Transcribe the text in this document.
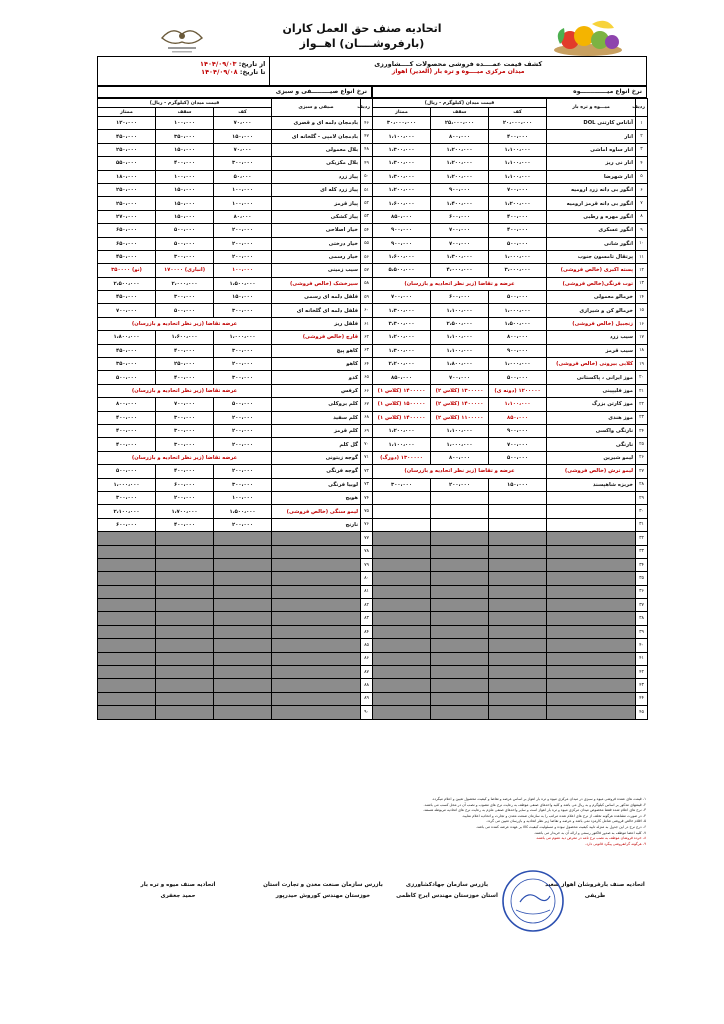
اتحادیه صنف حق العمل کاران
(بارفروشــــان) اهــواز
کشف قیمت عمــــده فروشی محصولات کــــشاورزی
میدان مرکزی میــــوه و تره بار (الغدیر) اهواز
از تاریخ: ۱۴۰۴/۰۹/۰۳
تا تاریخ: ۱۴۰۴/۰۹/۰۸
نرخ انواع میـــــــــــــوه
نرخ انواع صیـــــــــفی و سبزی
ردیف	میـــوه و تره بار	قیمت میدان (کیلوگرم - ریال)		
		کف	سقف	ممتاز
۱	آناناس کارتنی DOL	۲۰،۰۰۰،۰۰۰	۲۵،۰۰۰،۰۰۰	۳۰،۰۰۰،۰۰۰
۲	انار	۴۰۰،۰۰۰	۸۰۰،۰۰۰	۱،۱۰۰،۰۰۰
۳	انار ساوه اماشی	۱،۱۰۰،۰۰۰	۱،۲۰۰،۰۰۰	۱،۳۰۰،۰۰۰
۴	انار نی ریز	۱،۱۰۰،۰۰۰	۱،۲۰۰،۰۰۰	۱،۳۰۰،۰۰۰
۵	انار شهرضا	۱،۱۰۰،۰۰۰	۱،۲۰۰،۰۰۰	۱،۳۰۰،۰۰۰
۶	انگور بی دانه زرد اروميه	۷۰۰،۰۰۰	۹۰۰،۰۰۰	۱،۲۰۰،۰۰۰
۷	انگور بی دانه قرمز اروميه	۱،۲۰۰،۰۰۰	۱،۴۰۰،۰۰۰	۱،۶۰۰،۰۰۰
۸	انگور مهره و رطبی	۴۰۰،۰۰۰	۶۰۰،۰۰۰	۸۵۰،۰۰۰
۹	انگور عسکری	۴۰۰،۰۰۰	۷۰۰،۰۰۰	۹۰۰،۰۰۰
۱۰	انگور شانی	۵۰۰،۰۰۰	۷۰۰،۰۰۰	۹۰۰،۰۰۰
۱۱	پرتقال تامسون جنوب	۱،۰۰۰،۰۰۰	۱،۳۰۰،۰۰۰	۱،۶۰۰،۰۰۰
۱۲	پسته اکبری (خالص فروشی)	۳،۰۰۰،۰۰۰	۴،۰۰۰،۰۰۰	۵،۵۰۰،۰۰۰
۱۳	توت فرنگی(خالص فروشی)	عرضه و تقاضا (زیر نظر اتحادیه و بازرسان)		
۱۴	خرمالو معمولی	۵۰۰،۰۰۰	۶۰۰،۰۰۰	۷۰۰،۰۰۰
۱۵	خرمالو کن و شیرازی	۱،۰۰۰،۰۰۰	۱،۱۰۰،۰۰۰	۱،۳۰۰،۰۰۰
۱۶	زنجبيل (خالص فروشی)	۱،۵۰۰،۰۰۰	۲،۵۰۰،۰۰۰	۳،۳۰۰،۰۰۰
۱۷	سیب زرد	۸۰۰،۰۰۰	۱،۱۰۰،۰۰۰	۱،۲۰۰،۰۰۰
۱۸	سیب قرمز	۹۰۰،۰۰۰	۱،۱۰۰،۰۰۰	۱،۳۰۰،۰۰۰
۱۹	کلابی بیرونی (خالص فروشی)	۱،۰۰۰،۰۰۰	۱،۸۰۰،۰۰۰	۲،۲۰۰،۰۰۰
۲۰	موز ایرانی ، پاکستانی	۵۰۰،۰۰۰	۷۰۰،۰۰۰	۸۵۰،۰۰۰
۲۱	موز فلیپینی	۱۲۰۰۰۰۰ (دونه ی)	۱۳۰۰۰۰۰ (کلاس ۲)	۱۴۰۰۰۰۰ (کلاس ۱)
۲۲	موز کارتن بزرگ	۱،۱۰۰،۰۰۰	۱۴۰۰۰۰۰ (کلاس ۲)	۱۵۰۰۰۰۰ (کلاس ۱)
۲۳	موز هندی	۸۵۰،۰۰۰	۱۱۰۰۰۰۰ (کلاس ۲)	۱۴۰۰۰۰۰ (کلاس ۱)
۲۴	نارنگی واکسی	۹۰۰،۰۰۰	۱،۱۰۰،۰۰۰	۱،۲۰۰،۰۰۰
۲۵	نارنگی	۷۰۰،۰۰۰	۱،۰۰۰،۰۰۰	۱،۱۰۰،۰۰۰
۲۶	لیمو شیرین	۵۰۰،۰۰۰	۸۰۰،۰۰۰	۱۳۰۰۰۰۰ (دورگ)
۲۷	لیمو ترش (خالص فروشی)	عرضه و تقاضا (زیر نظر اتحادیه و بازرسان)		
۲۸	خربزه شاهپسند	۱۵۰،۰۰۰	۲۰۰،۰۰۰	۳۰۰،۰۰۰
۲۹				
۳۰				
۳۱				
۳۲				
۳۳				
۳۴				
۳۵				
۳۶				
۳۷				
۳۸				
۳۹				
۴۰				
۴۱				
۴۲				
۴۳				
۴۴				
۴۵				
ردیف	صیفی و سبزی	قیمت میدان (کیلوگرم - ریال)		
		کف	سقف	ممتاز
۴۶	بادمجان دلمه ای و قصری	۷۰،۰۰۰	۱۰۰،۰۰۰	۱۲۰،۰۰۰
۴۷	بادمجان لامپی - گلخانه ای	۱۵۰،۰۰۰	۳۵۰،۰۰۰	۴۵۰،۰۰۰
۴۸	بلال معمولی	۷۰،۰۰۰	۱۵۰،۰۰۰	۲۵۰،۰۰۰
۴۹	بلال مکزیکی	۳۰۰،۰۰۰	۴۰۰،۰۰۰	۵۵۰،۰۰۰
۵۰	پیاز زرد	۵۰،۰۰۰	۱۰۰،۰۰۰	۱۸۰،۰۰۰
۵۱	پیاز زرد کله ای	۱۰۰،۰۰۰	۱۵۰،۰۰۰	۲۵۰،۰۰۰
۵۲	پیاز قرمز	۱۰۰،۰۰۰	۱۵۰،۰۰۰	۲۵۰،۰۰۰
۵۳	پیاز کشکی	۸۰،۰۰۰	۱۵۰،۰۰۰	۲۷۰،۰۰۰
۵۴	خیار اصلاحی	۲۰۰،۰۰۰	۵۰۰،۰۰۰	۶۵۰،۰۰۰
۵۵	خیار درختی	۲۰۰،۰۰۰	۵۰۰،۰۰۰	۶۵۰،۰۰۰
۵۶	خیار رسمی	۲۰۰،۰۰۰	۳۰۰،۰۰۰	۴۵۰،۰۰۰
۵۷	سیب زمینی	۱۰۰،۰۰۰	(انباری) ۱۷۰۰۰۰	(نو) ۳۵۰۰۰۰
۵۸	سیرخشک (خالص فروشی)	۱،۵۰۰،۰۰۰	۲،۰۰۰،۰۰۰	۲،۵۰۰،۰۰۰
۵۹	فلفل دلمه ای رسمی	۱۵۰،۰۰۰	۳۰۰،۰۰۰	۴۵۰،۰۰۰
۶۰	فلفل دلمه ای گلخانه ای	۳۰۰،۰۰۰	۵۰۰،۰۰۰	۷۰۰،۰۰۰
۶۱	فلفل ریز	عرضه تقاضا (زیر نظر اتحادیه و بازرسان)		
۶۲	قارچ (خالص فروشی)	۱،۰۰۰،۰۰۰	۱،۶۰۰،۰۰۰	۱،۸۰۰،۰۰۰
۶۳	کاهو پیچ	۳۰۰،۰۰۰	۴۰۰،۰۰۰	۴۵۰،۰۰۰
۶۴	کاهو	۲۰۰،۰۰۰	۲۵۰،۰۰۰	۳۵۰،۰۰۰
۶۵	کدو	۳۰۰،۰۰۰	۴۰۰،۰۰۰	۵۰۰،۰۰۰
۶۶	کرفس	عرضه تقاضا (زیر نظر اتحادیه و بازرسان)		
۶۷	کلم بروکلی	۵۰۰،۰۰۰	۷۰۰،۰۰۰	۸۰۰،۰۰۰
۶۸	کلم سفید	۲۰۰،۰۰۰	۳۰۰،۰۰۰	۴۰۰،۰۰۰
۶۹	کلم قرمز	۲۰۰،۰۰۰	۳۰۰،۰۰۰	۴۰۰،۰۰۰
۷۰	گل کلم	۲۰۰،۰۰۰	۳۰۰،۰۰۰	۴۰۰،۰۰۰
۷۱	گوجه زیتونی	عرضه تقاضا (زیر نظر اتحادیه و بازرسان)		
۷۲	گوجه فرنگی	۲۰۰،۰۰۰	۴۰۰،۰۰۰	۵۰۰،۰۰۰
۷۳	لوبیا فرنگی	۳۰۰،۰۰۰	۶۰۰،۰۰۰	۱،۰۰۰،۰۰۰
۷۴	هویج	۱۰۰،۰۰۰	۲۰۰،۰۰۰	۳۰۰،۰۰۰
۷۵	لیمو سنگی (خالص فروشی)	۱،۵۰۰،۰۰۰	۱،۷۰۰،۰۰۰	۲،۱۰۰،۰۰۰
۷۶	نارنج	۲۰۰،۰۰۰	۴۰۰،۰۰۰	۶۰۰،۰۰۰
۷۷				
۷۸				
۷۹				
۸۰				
۸۱				
۸۲				
۸۳				
۸۴				
۸۵				
۸۶				
۸۷				
۸۸				
۸۹				
۹۰				
۱- قیمت های عمده فروشی میوه و سبزی در میدان مرکزی میوه و تره بار اهواز بر اساس عرضه و تقاضا و کیفیت محصول تعیین و اعلام میگردد.
۲- قیمتهای مذکور بر اساس کیلوگرم و به ریال می باشد و کلیه واحدهای صنفی موظف به رعایت نرخ های مصوب و نصب آن در محل کسب می باشند.
۳- نرخ های اعلام شده فقط مخصوص میدان مرکزی میوه و تره بار اهواز است و سایر واحدهای صنفی ملزم به رعایت نرخ های اتحادیه مربوطه هستند.
۴- در صورت مشاهده هرگونه تخلف از نرخ های اعلام شده مراتب را به سازمان صنعت معدن و تجارت و اتحادیه اعلام نمایید.
۵- اقلام خالص فروشی شامل کارمزد نمی باشد و عرضه و تقاضا زیر نظر اتحادیه و بازرسان تعیین می گردد.
۶- درج نرخ در این جدول به منزله تایید کیفیت محصول نبوده و مسئولیت کیفیت کالا بر عهده عرضه کننده می باشد.
۷- کلیه اعضا موظف به صدور فاکتور رسمی و ارائه آن به خریدار می باشند.
۸- خرده فروشان موظف به نصب نرخ نامه در معرض دید عموم می باشند.
۹- هرگونه گرانفروشی پیگرد قانونی دارد.
اتحادیه صنف میوه و تره بار
حمید جعفری
بازرس سازمان صنعت معدن و تجارت استان
خوزستان مهندس کوروش حیدرپور
بازرس سازمان جهادکشاورزی
استان خوزستان مهندس ایرج کاظمی
اتحادیه صنف بارفروشان اهواز سعید ظریفی
